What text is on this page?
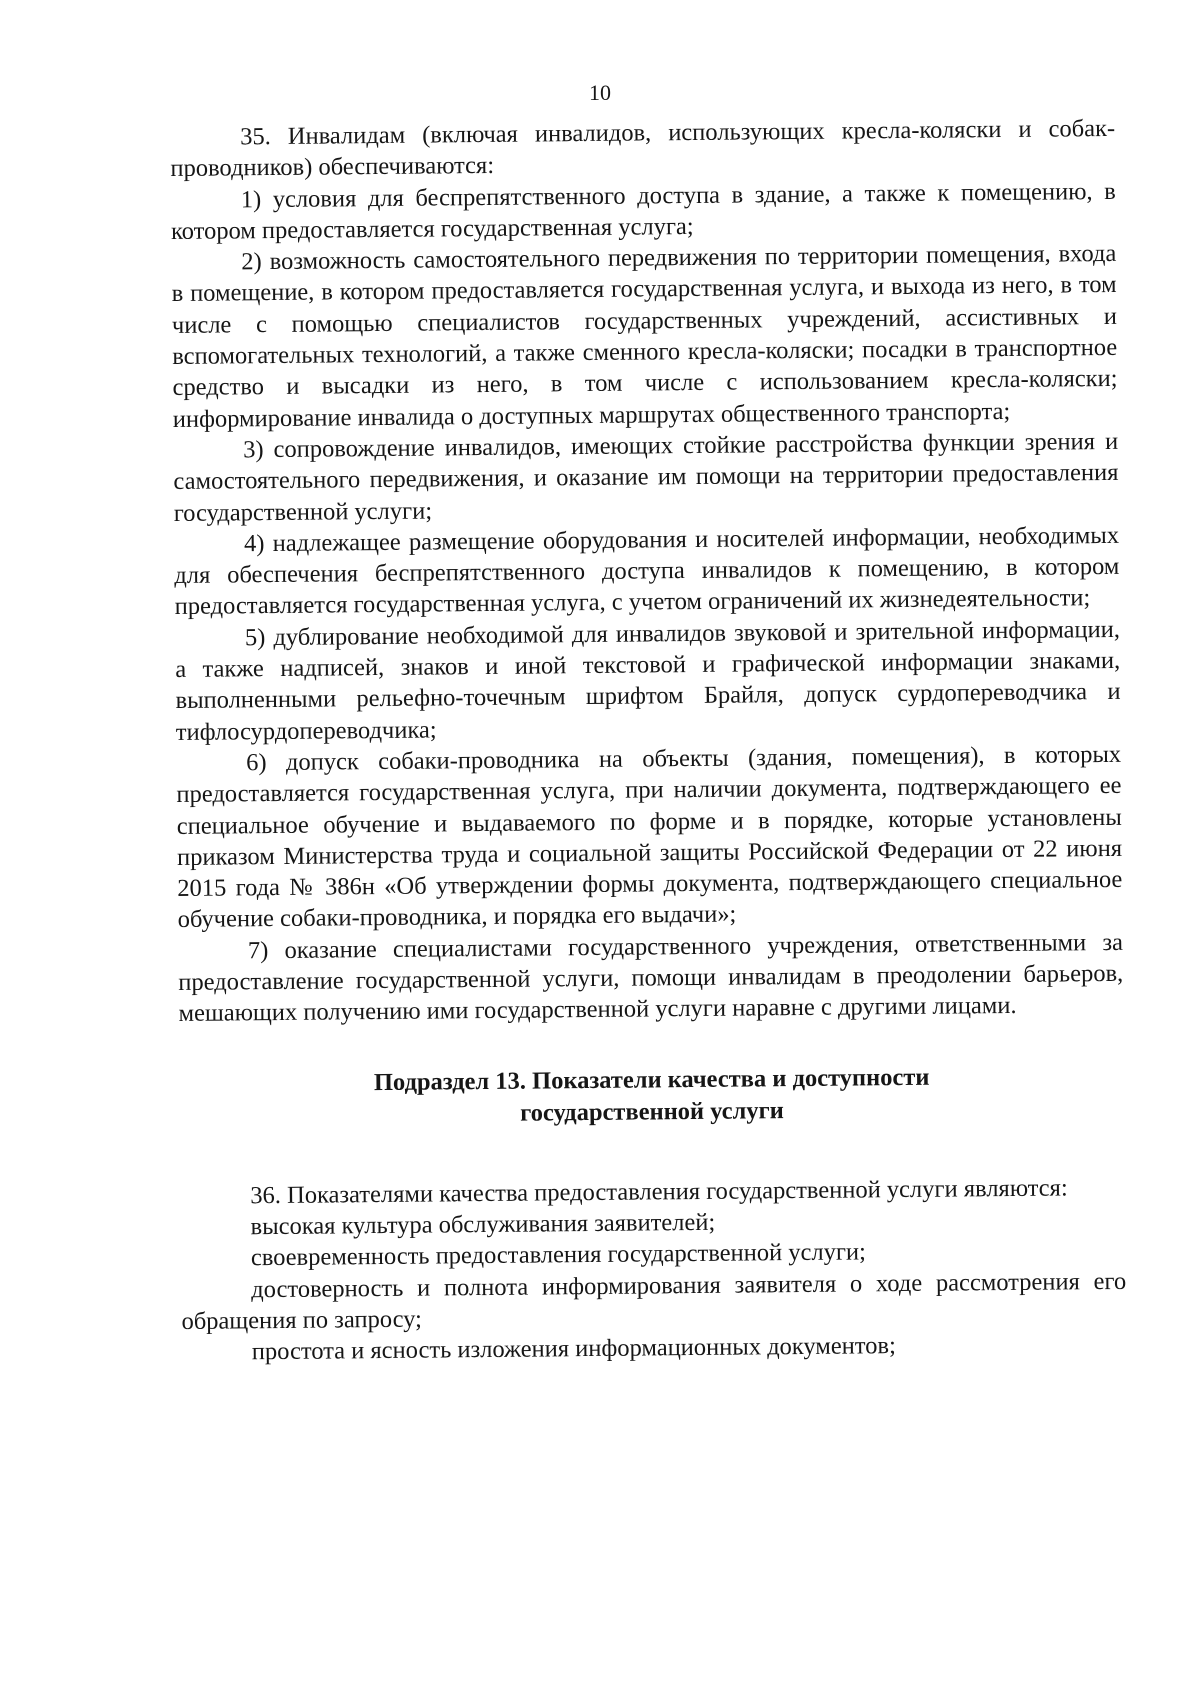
10

35. Инвалидам (включая инвалидов, использующих кресла-коляски и собак-проводников) обеспечиваются:

1) условия для беспрепятственного доступа в здание, а также к помещению, в котором предоставляется государственная услуга;

2) возможность самостоятельного передвижения по территории помещения, входа в помещение, в котором предоставляется государственная услуга, и выхода из него, в том числе с помощью специалистов государственных учреждений, ассистивных и вспомогательных технологий, а также сменного кресла-коляски; посадки в транспортное средство и высадки из него, в том числе с использованием кресла-коляски; информирование инвалида о доступных маршрутах общественного транспорта;

3) сопровождение инвалидов, имеющих стойкие расстройства функции зрения и самостоятельного передвижения, и оказание им помощи на территории предоставления государственной услуги;

4) надлежащее размещение оборудования и носителей информации, необходимых для обеспечения беспрепятственного доступа инвалидов к помещению, в котором предоставляется государственная услуга, с учетом ограничений их жизнедеятельности;

5) дублирование необходимой для инвалидов звуковой и зрительной информации, а также надписей, знаков и иной текстовой и графической информации знаками, выполненными рельефно-точечным шрифтом Брайля, допуск сурдопереводчика и тифлосурдопереводчика;

6) допуск собаки-проводника на объекты (здания, помещения), в которых предоставляется государственная услуга, при наличии документа, подтверждающего ее специальное обучение и выдаваемого по форме и в порядке, которые установлены приказом Министерства труда и социальной защиты Российской Федерации от 22 июня 2015 года № 386н «Об утверждении формы документа, подтверждающего специальное обучение собаки-проводника, и порядка его выдачи»;

7) оказание специалистами государственного учреждения, ответственными за предоставление государственной услуги, помощи инвалидам в преодолении барьеров, мешающих получению ими государственной услуги наравне с другими лицами.

Подраздел 13. Показатели качества и доступности
государственной услуги

36. Показателями качества предоставления государственной услуги являются:

высокая культура обслуживания заявителей;

своевременность предоставления государственной услуги;

достоверность и полнота информирования заявителя о ходе рассмотрения его обращения по запросу;

простота и ясность изложения информационных документов;
